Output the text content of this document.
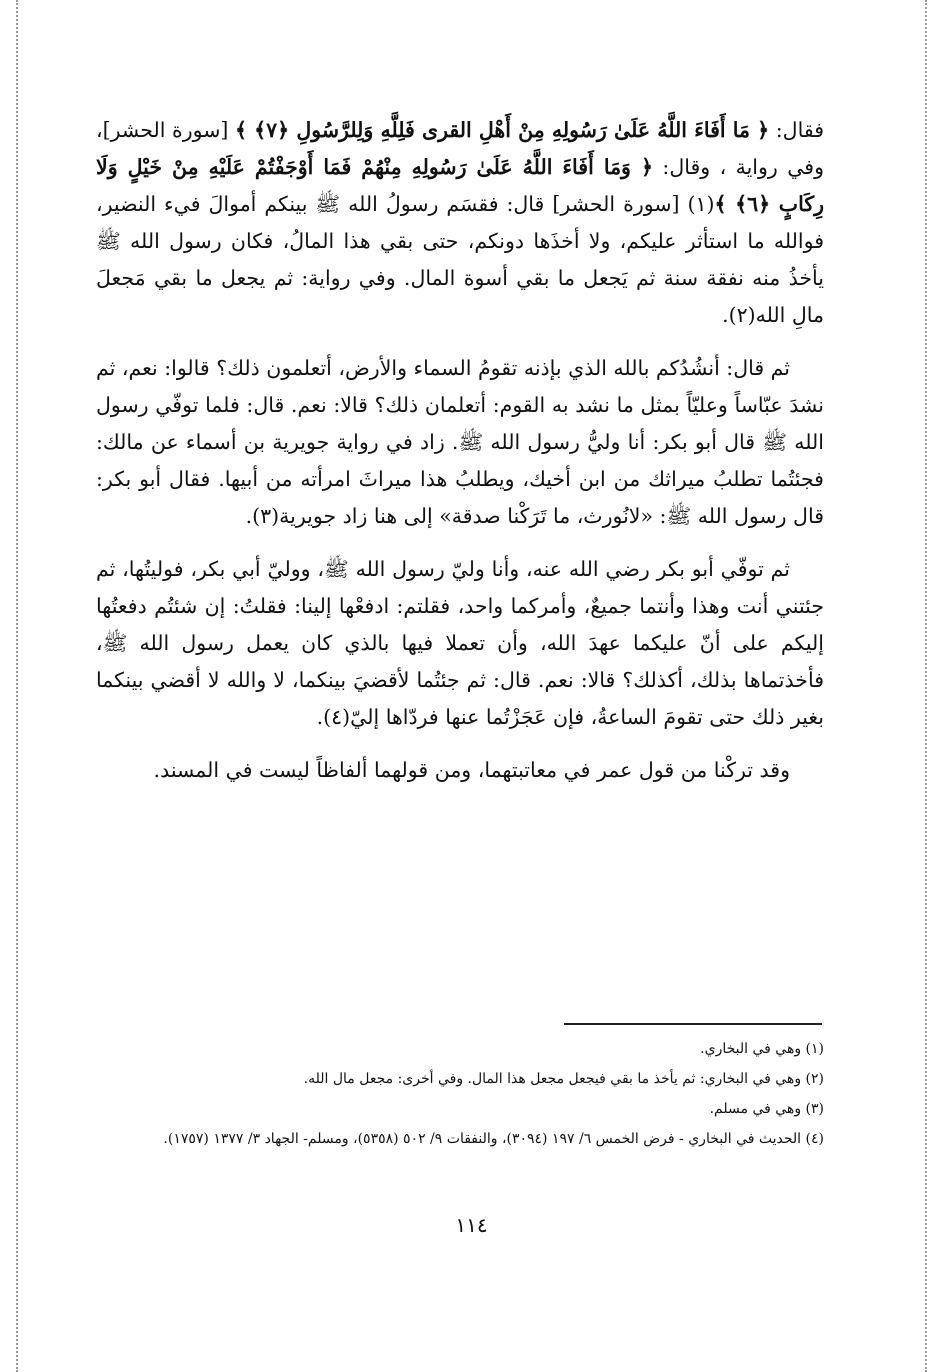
فقال: ﴿ مَا أَفَاءَ اللَّهُ عَلَىٰ رَسُولِهِ مِنْ أَهْلِ القرى فَلِلَّهِ وَلِلرَّسُولِ ﴿٧﴾ ﴾ [سورة الحشر]، وفي رواية ، وقال: ﴿ وَمَا أَفَاءَ اللَّهُ عَلَىٰ رَسُولِهِ مِنْهُمْ فَمَا أَوْجَفْتُمْ عَلَيْهِ مِنْ خَيْلٍ وَلَا رِكَابٍ ﴿٦﴾ ﴾(١) [سورة الحشر] قال: فقسَم رسولُ الله ﷺ بينكم أموالَ فيء النضير، فوالله ما استأثر عليكم، ولا أخذَها دونكم، حتى بقي هذا المالُ، فكان رسول الله ﷺ يأخذُ منه نفقة سنة ثم يَجعل ما بقي أسوة المال. وفي رواية: ثم يجعل ما بقي مَجعلَ مالِ الله(٢).

ثم قال: أنشُدُكم بالله الذي بإذنه تقومُ السماء والأرض، أتعلمون ذلك؟ قالوا: نعم، ثم نشدَ عبّاساً وعليّاً بمثل ما نشد به القوم: أتعلمان ذلك؟ قالا: نعم. قال: فلما توفّي رسول الله ﷺ قال أبو بكر: أنا وليُّ رسول الله ﷺ. زاد في رواية جويرية بن أسماء عن مالك: فجئتُما تطلبُ ميراثك من ابن أخيك، ويطلبُ هذا ميراثَ امرأته من أبيها. فقال أبو بكر: قال رسول الله ﷺ: «لانُورث، ما تَرَكْنا صدقة» إلى هنا زاد جويرية(٣).

ثم توفّي أبو بكر رضي الله عنه، وأنا وليّ رسول الله ﷺ، ووليّ أبي بكر، فوليتُها، ثم جئتني أنت وهذا وأنتما جميعٌ، وأمركما واحد، فقلتم: ادفعْها إلينا: فقلتُ: إن شئتُم دفعتُها إليكم على أنّ عليكما عهدَ الله، وأن تعملا فيها بالذي كان يعمل رسول الله ﷺ، فأخذتماها بذلك، أكذلك؟ قالا: نعم. قال: ثم جئتُما لأقضيَ بينكما، لا والله لا أقضي بينكما بغير ذلك حتى تقومَ الساعةُ، فإن عَجَزْتُما عنها فردّاها إليّ(٤).

وقد تركْنا من قول عمر في معاتبتهما، ومن قولهما ألفاظاً ليست في المسند.

(١) وهي في البخاري.
(٢) وهي في البخاري: ثم يأخذ ما بقي فيجعل مجعل هذا المال. وفي أخرى: مجعل مال الله.
(٣) وهي في مسلم.
(٤) الحديث في البخاري - فرض الخمس ٦/ ١٩٧ (٣٠٩٤)، والنفقات ٩/ ٥٠٢ (٥٣٥٨)، ومسلم- الجهاد ٣/ ١٣٧٧ (١٧٥٧).
١١٤
